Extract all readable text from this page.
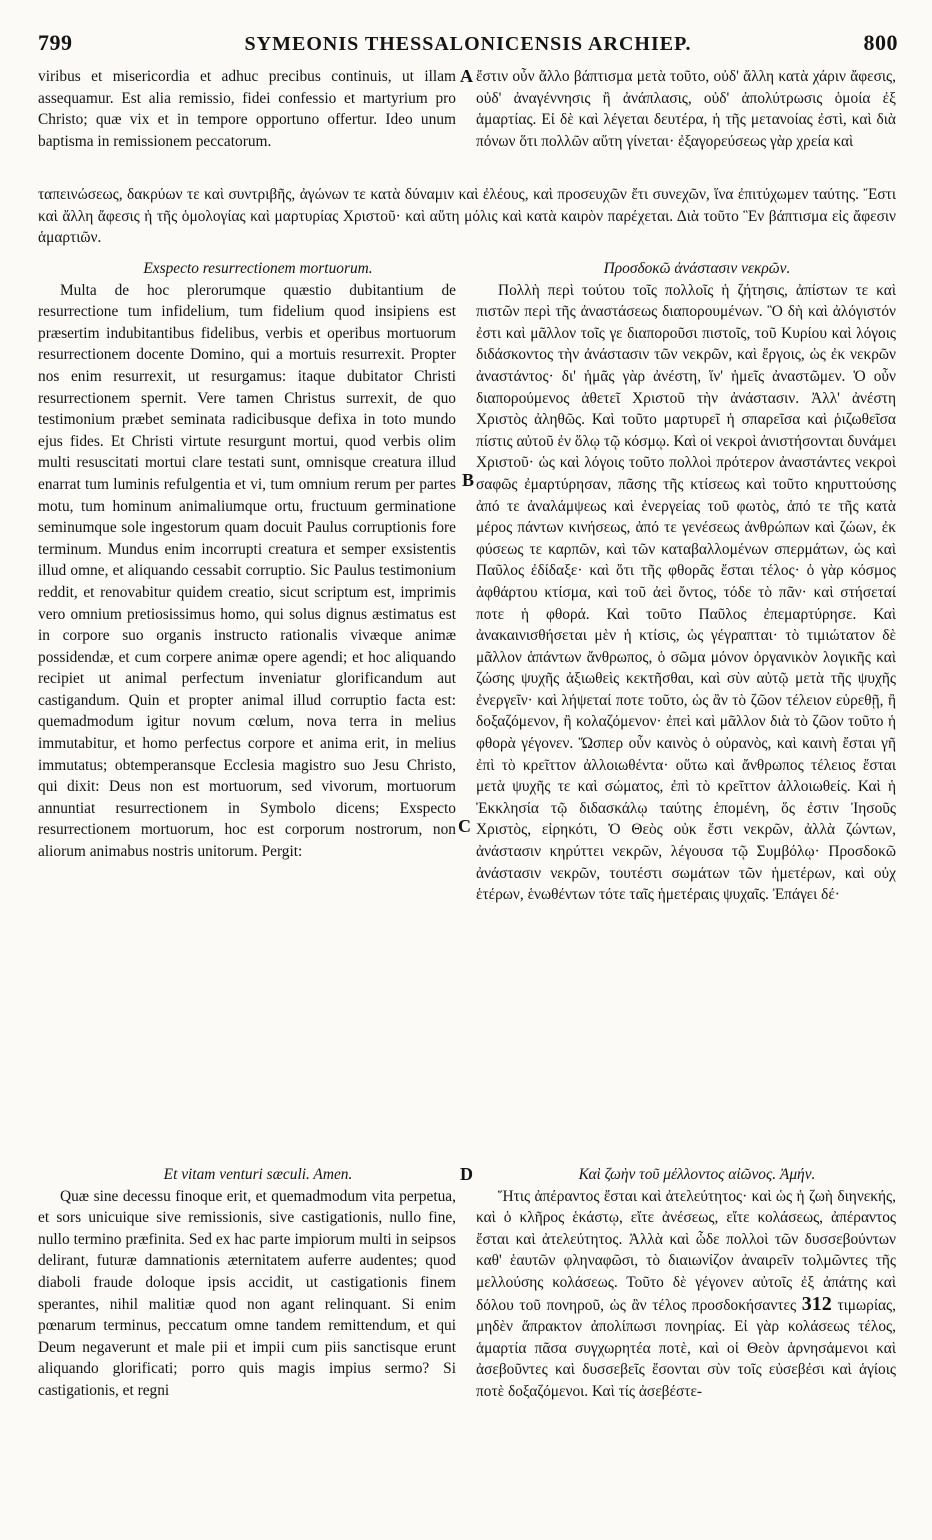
799	SYMEONIS THESSALONICENSIS ARCHIEP.	800

viribus et misericordia et adhuc precibus continuis, ut illam assequamur. Est alia remissio, fidei confessio et martyrium pro Christo; quæ vix et in tempore opportuno offertur. Ideo unum baptisma in remissionem peccatorum.

A ἔστιν οὖν ἄλλο βάπτισμα μετὰ τοῦτο, οὐδ' ἄλλη κατὰ χάριν ἄφεσις, οὐδ' ἀναγέννησις ἢ ἀνάπλασις, οὐδ' ἀπολύτρωσις ὁμοία ἐξ ἁμαρτίας. Εἰ δὲ καὶ λέγεται δευτέρα, ἡ τῆς μετανοίας ἐστὶ, καὶ διὰ πόνων ὅτι πολλῶν αὕτη γίνεται· ἐξαγορεύσεως γὰρ χρεία καὶ

ταπεινώσεως, δακρύων τε καὶ συντριβῆς, ἀγώνων τε κατὰ δύναμιν καὶ ἐλέους, καὶ προσευχῶν ἔτι συνεχῶν, ἵνα ἐπιτύχωμεν ταύτης. Ἔστι καὶ ἄλλη ἄφεσις ἡ τῆς ὁμολογίας καὶ μαρτυρίας Χριστοῦ· καὶ αὕτη μόλις καὶ κατὰ καιρὸν παρέχεται. Διὰ τοῦτο Ἓν βάπτισμα εἰς ἄφεσιν ἁμαρτιῶν.

Exspecto resurrectionem mortuorum.

Multa de hoc plerorumque quæstio dubitantium de resurrectione tum infidelium, tum fidelium quod insipiens est præsertim indubitantibus fidelibus, verbis et operibus mortuorum resurrectionem docente Domino, qui a mortuis resurrexit. Propter nos enim resurrexit, ut resurgamus: itaque dubitator Christi resurrectionem spernit. Vere tamen Christus surrexit, de quo testimonium præbet seminata radicibusque defixa in toto mundo ejus fides. Et Christi virtute resurgunt mortui, quod verbis olim multi resuscitati mortui clare testati sunt, omnisque creatura illud enarrat tum luminis refulgentia et vi, tum omnium rerum per partes motu, tum hominum animaliumque ortu, fructuum germinatione seminumque sole ingestorum quam docuit Paulus corruptionis fore terminum. Mundus enim incorrupti creatura et semper exsistentis illud omne, et aliquando cessabit corruptio. Sic Paulus testimonium reddit, et renovabitur quidem creatio, sicut scriptum est, imprimis vero omnium pretiosissimus homo, qui solus dignus æstimatus est in corpore suo organis instructo rationalis vivæque animæ possidendæ, et cum corpere animæ opere agendi; et hoc aliquando recipiet ut animal perfectum inveniatur glorificandum aut castigandum. Quin et propter animal illud corruptio facta est: quemadmodum igitur novum cœlum, nova terra in melius immutabitur, et homo perfectus corpore et anima erit, in melius immutatus; obtemperansque Ecclesia magistro suo Jesu Christo, qui dixit: Deus non est mortuorum, sed vivorum, mortuorum annuntiat resurrectionem in Symbolo dicens; Exspecto resurrectionem mortuorum, hoc est corporum nostrorum, non aliorum animabus nostris unitorum. Pergit:

B
C

Προσδοκῶ ἀνάστασιν νεκρῶν.

Πολλὴ περὶ τούτου τοῖς πολλοῖς ἡ ζήτησις, ἀπίστων τε καὶ πιστῶν περὶ τῆς ἀναστάσεως διαπορουμένων. Ὃ δὴ καὶ ἀλόγιστόν ἐστι καὶ μᾶλλον τοῖς γε διαποροῦσι πιστοῖς, τοῦ Κυρίου καὶ λόγοις διδάσκοντος τὴν ἀνάστασιν τῶν νεκρῶν, καὶ ἔργοις, ὡς ἐκ νεκρῶν ἀναστάντος· δι' ἡμᾶς γὰρ ἀνέστη, ἵν' ἡμεῖς ἀναστῶμεν. Ὁ οὖν διαπορούμενος ἀθετεῖ Χριστοῦ τὴν ἀνάστασιν. Ἀλλ' ἀνέστη Χριστὸς ἀληθῶς. Καὶ τοῦτο μαρτυρεῖ ἡ σπαρεῖσα καὶ ῥιζωθεῖσα πίστις αὐτοῦ ἐν ὅλῳ τῷ κόσμῳ. Καὶ οἱ νεκροὶ ἀνιστήσονται δυνάμει Χριστοῦ· ὡς καὶ λόγοις τοῦτο πολλοὶ πρότερον ἀναστάντες νεκροὶ σαφῶς ἐμαρτύρησαν, πᾶσης τῆς κτίσεως καὶ τοῦτο κηρυττούσης ἀπό τε ἀναλάμψεως καὶ ἐνεργείας τοῦ φωτὸς, ἀπό τε τῆς κατὰ μέρος πάντων κινήσεως, ἀπό τε γενέσεως ἀνθρώπων καὶ ζώων, ἐκ φύσεως τε καρπῶν, καὶ τῶν καταβαλλομένων σπερμάτων, ὡς καὶ Παῦλος ἐδίδαξε· καὶ ὅτι τῆς φθορᾶς ἔσται τέλος· ὁ γὰρ κόσμος ἀφθάρτου κτίσμα, καὶ τοῦ ἀεὶ ὄντος, τόδε τὸ πᾶν· καὶ στήσεταί ποτε ἡ φθορά. Καὶ τοῦτο Παῦλος ἐπεμαρτύρησε. Καὶ ἀνακαινισθήσεται μὲν ἡ κτίσις, ὡς γέγραπται· τὸ τιμιώτατον δὲ μᾶλλον ἁπάντων ἄνθρωπος, ὁ σῶμα μόνον ὀργανικὸν λογικῆς καὶ ζώσης ψυχῆς ἀξιωθεὶς κεκτῆσθαι, καὶ σὺν αὐτῷ μετὰ τῆς ψυχῆς ἐνεργεῖν· καὶ λήψεταί ποτε τοῦτο, ὡς ἂν τὸ ζῶον τέλειον εὑρεθῇ, ἢ δοξαζόμενον, ἢ κολαζόμενον· ἐπεὶ καὶ μᾶλλον διὰ τὸ ζῶον τοῦτο ἡ φθορὰ γέγονεν. Ὥσπερ οὖν καινὸς ὁ οὐρανὸς, καὶ καινὴ ἔσται γῆ ἐπὶ τὸ κρεῖττον ἀλλοιωθέντα· οὕτω καὶ ἄνθρωπος τέλειος ἔσται μετὰ ψυχῆς τε καὶ σώματος, ἐπὶ τὸ κρεῖττον ἀλλοιωθείς. Καὶ ἡ Ἐκκλησία τῷ διδασκάλῳ ταύτης ἑπομένη, ὅς ἐστιν Ἰησοῦς Χριστὸς, εἰρηκότι, Ὁ Θεὸς οὐκ ἔστι νεκρῶν, ἀλλὰ ζώντων, ἀνάστασιν κηρύττει νεκρῶν, λέγουσα τῷ Συμβόλῳ· Προσδοκῶ ἀνάστασιν νεκρῶν, τουτέστι σωμάτων τῶν ἡμετέρων, καὶ οὐχ ἑτέρων, ἑνωθέντων τότε ταῖς ἡμετέραις ψυχαῖς. Ἐπάγει δέ·

D

Et vitam venturi sæculi. Amen.

Quæ sine decessu finoque erit, et quemadmodum vita perpetua, et sors unicuique sive remissionis, sive castigationis, nullo fine, nullo termino præfinita. Sed ex hac parte impiorum multi in seipsos delirant, futuræ damnationis æternitatem auferre audentes; quod diaboli fraude doloque ipsis accidit, ut castigationis finem sperantes, nihil malitiæ quod non agant relinquant. Si enim pœnarum terminus, peccatum omne tandem remittendum, et qui Deum negaverunt et male pii et impii cum piis sanctisque erunt aliquando glorificati; porro quis magis impius sermo? Si castigationis, et regni

Καὶ ζωὴν τοῦ μέλλοντος αἰῶνος. Ἀμήν.

Ἥτις ἀπέραντος ἔσται καὶ ἀτελεύτητος· καὶ ὡς ἡ ζωὴ διηνεκής, καὶ ὁ κλῆρος ἑκάστῳ, εἴτε ἀνέσεως, εἴτε κολάσεως, ἀπέραντος ἔσται καὶ ἀτελεύτητος. Ἀλλὰ καὶ ὧδε πολλοὶ τῶν δυσσεβούντων καθ' ἑαυτῶν φληναφῶσι, τὸ διαιωνίζον ἀναιρεῖν τολμῶντες τῆς μελλούσης κολάσεως. Τοῦτο δὲ γέγονεν αὐτοῖς ἐξ ἀπάτης καὶ δόλου τοῦ πονηροῦ, ὡς ἂν τέλος προσδοκήσαντες 312 τιμωρίας, μηδὲν ἄπρακτον ἀπολίπωσι πονηρίας. Εἰ γὰρ κολάσεως τέλος, ἁμαρτία πᾶσα συγχωρητέα ποτὲ, καὶ οἱ Θεὸν ἀρνησάμενοι καὶ ἀσεβοῦντες καὶ δυσσεβεῖς ἔσονται σὺν τοῖς εὐσεβέσι καὶ ἁγίοις ποτὲ δοξαζόμενοι. Καὶ τίς ἀσεβέστε-
